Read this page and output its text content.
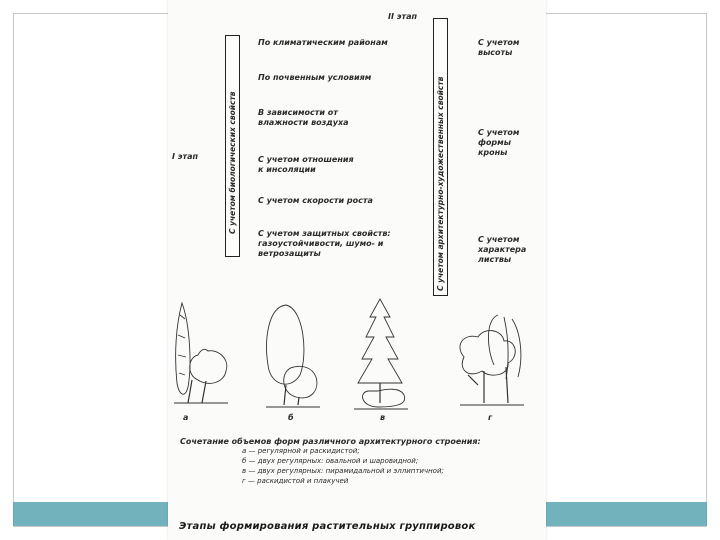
II этап
I этап	С учетом биологических свойств	С учетом архитектурно-художественных свойств
По климатическим районам
По почвенным условиям
В зависимости от влажности воздуха
С учетом отношения к инсоляции
С учетом скорости роста
С учетом защитных свойств: газоустойчивости, шумо- и ветрозащиты
С учетом высоты
С учетом формы кроны
С учетом характера листвы
а	б	в	г
Сочетание объемов форм различного архитектурного строения:
а — регулярной и раскидистой;
б — двух регулярных: овальной и шаровидной;
в — двух регулярных: пирамидальной и эллиптичной;
г — раскидистой и плакучей
Этапы формирования растительных группировок
